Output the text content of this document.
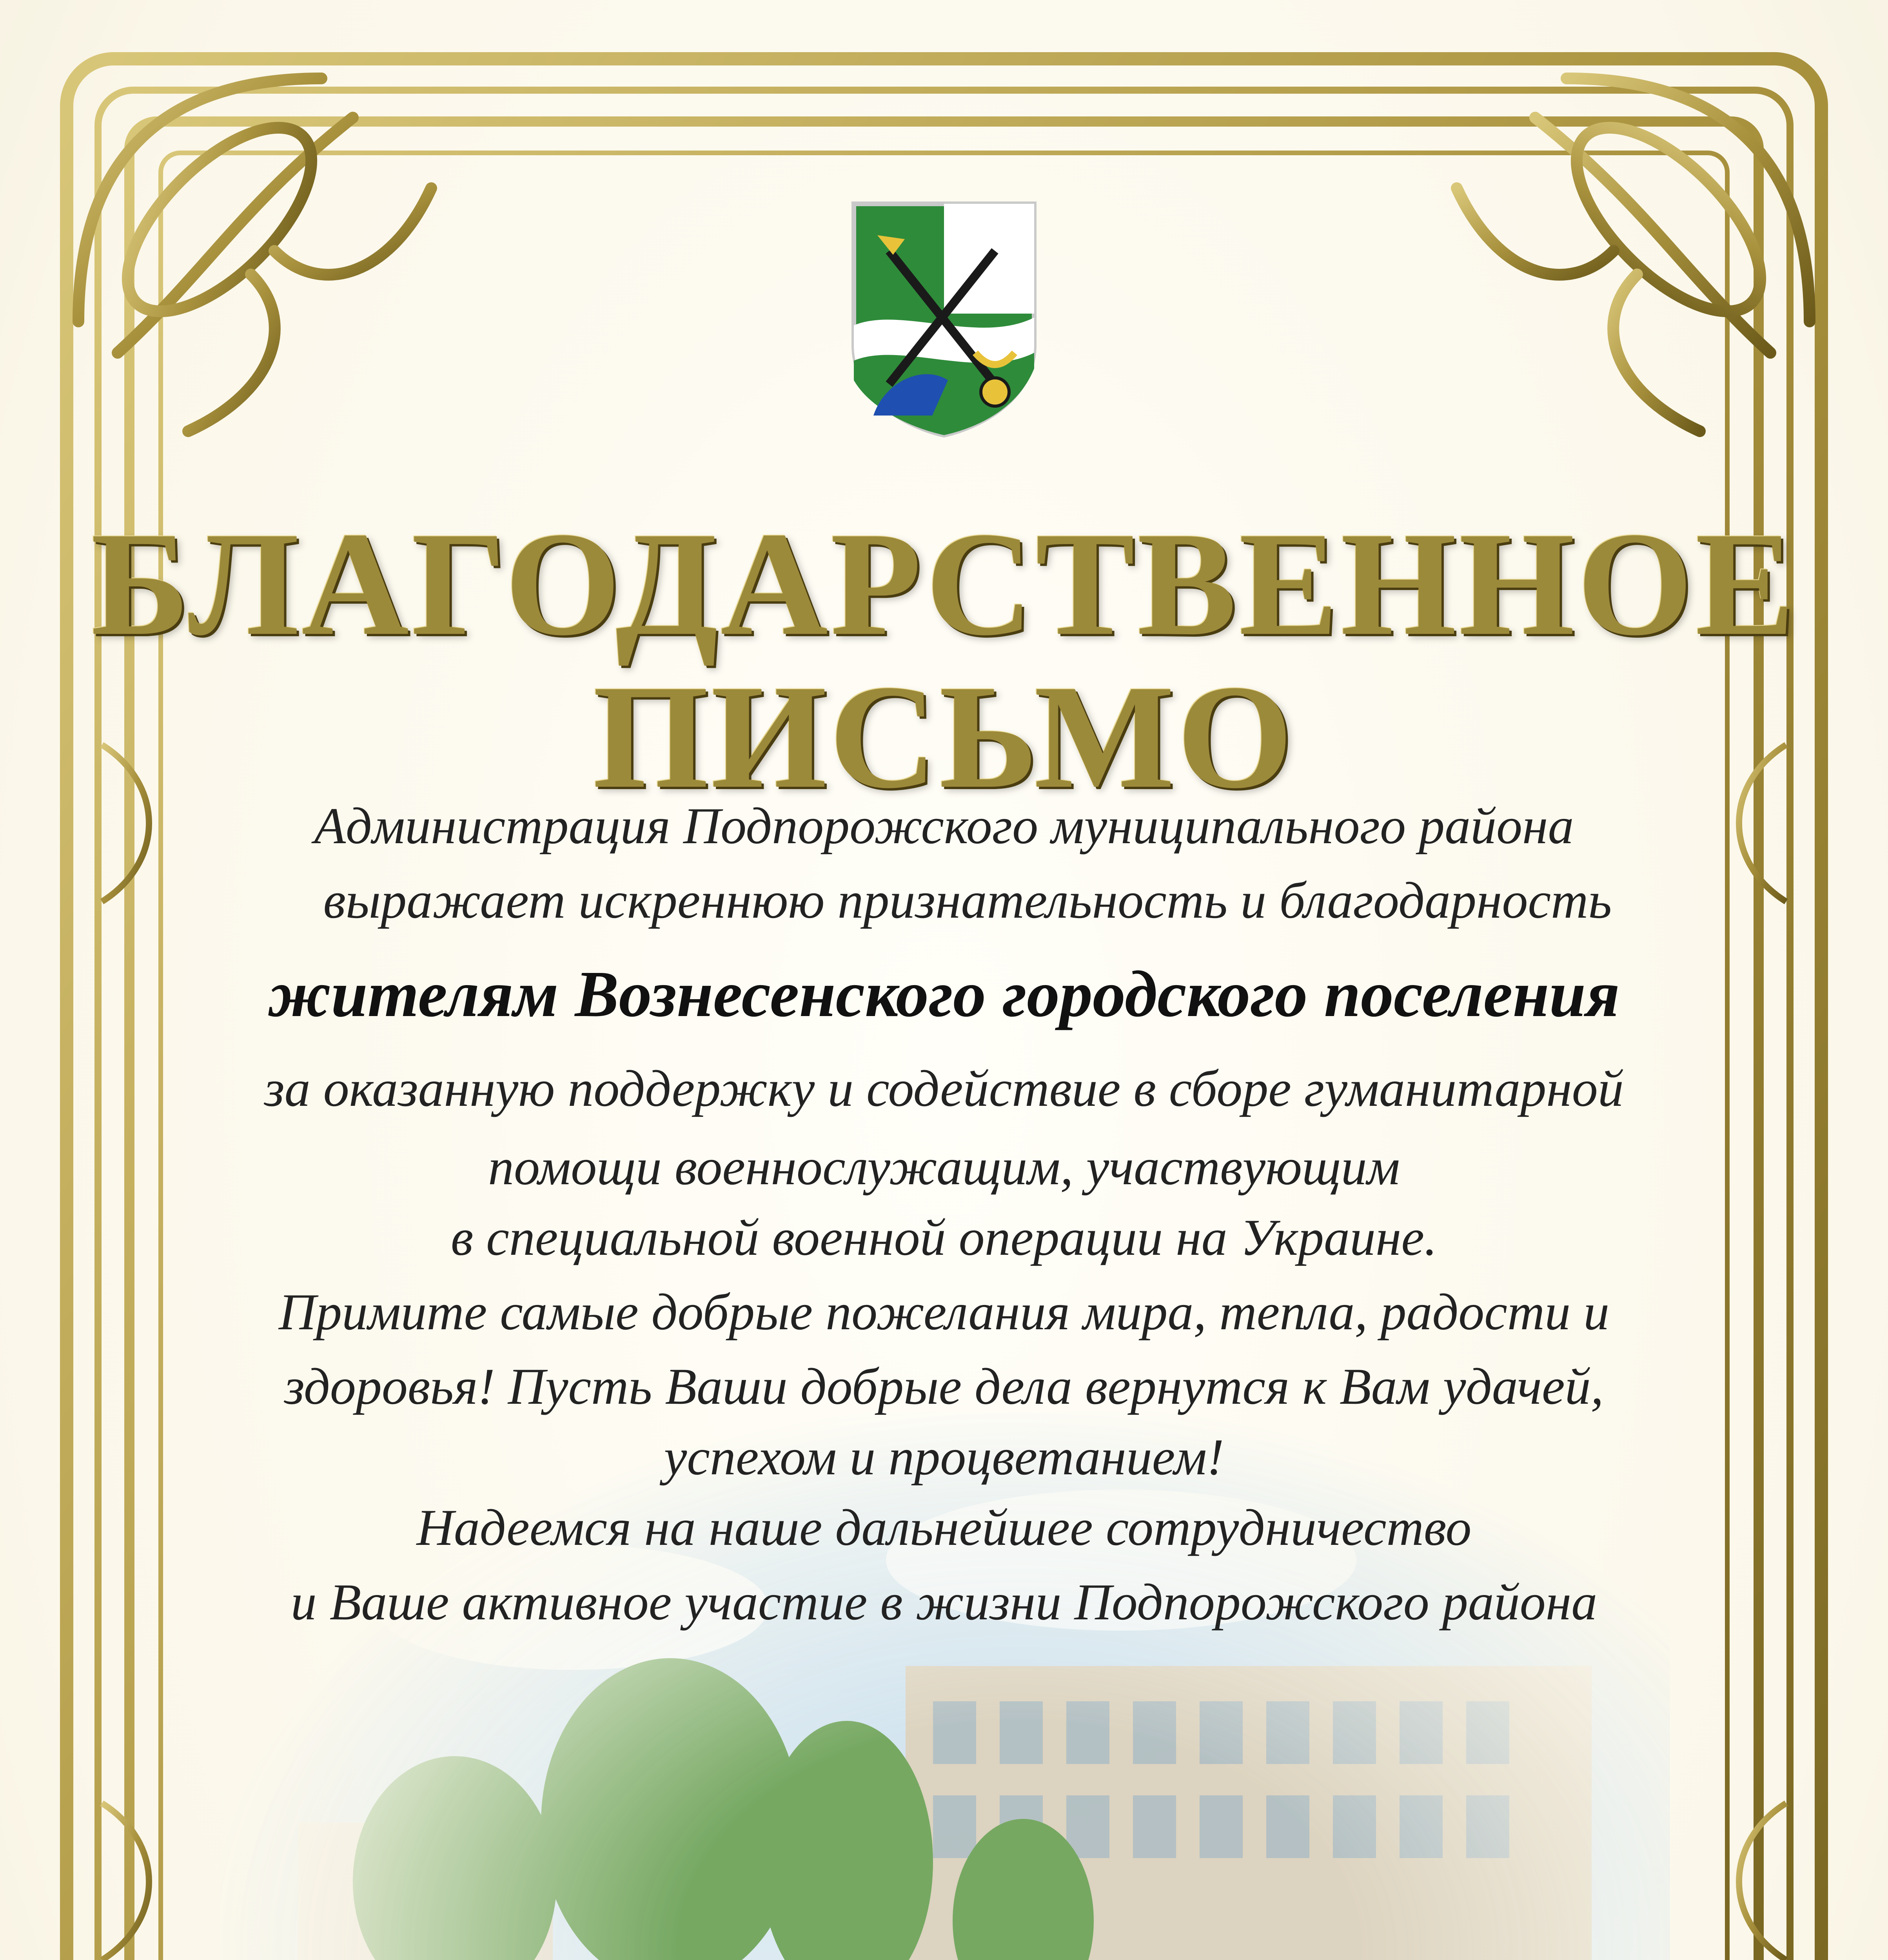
БЛАГОДАРСТВЕННОЕ
ПИСЬМО
Администрация Подпорожского муниципального района
выражает искреннюю признательность и благодарность
жителям Вознесенского городского поселения
за оказанную поддержку и содействие в сборе гуманитарной
помощи военнослужащим, участвующим
в специальной военной операции на Украине.
Примите самые добрые пожелания мира, тепла, радости и
здоровья! Пусть Ваши добрые дела вернутся к Вам удачей,
успехом и процветанием!
Надеемся на наше дальнейшее сотрудничество
и Ваше активное участие в жизни Подпорожского района
